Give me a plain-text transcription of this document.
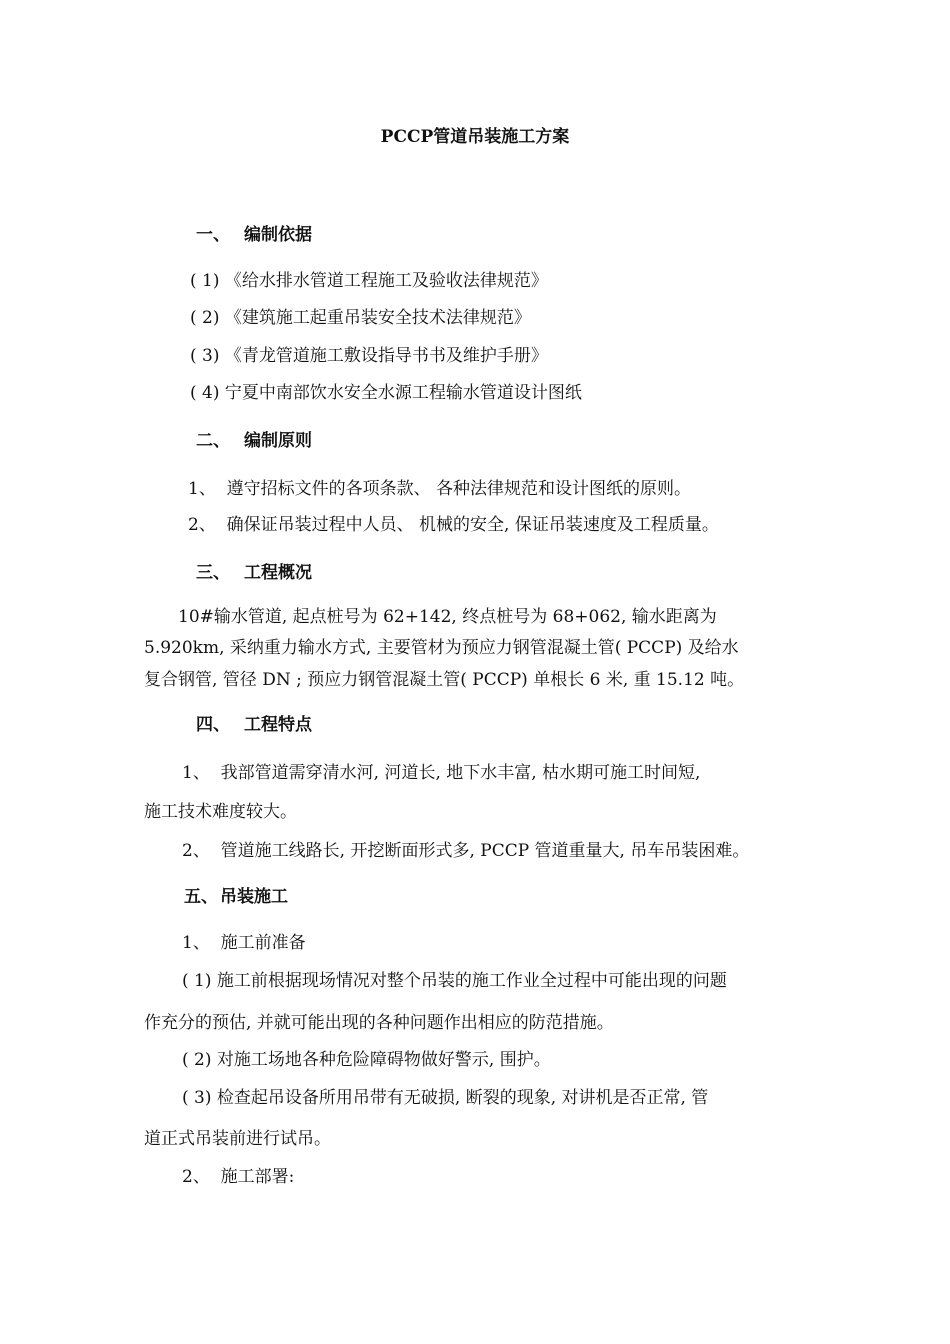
PCCP管道吊装施工方案
一、 编制依据
( 1) 《给水排水管道工程施工及验收法律规范》
( 2) 《建筑施工起重吊装安全技术法律规范》
( 3) 《青龙管道施工敷设指导书书及维护手册》
( 4) 宁夏中南部饮水安全水源工程输水管道设计图纸
二、 编制原则
1、 遵守招标文件的各项条款、 各种法律规范和设计图纸的原则。
2、 确保证吊装过程中人员、 机械的安全, 保证吊装速度及工程质量。
三、 工程概况
10#输水管道, 起点桩号为 62+142, 终点桩号为 68+062, 输水距离为
5.920km, 采纳重力输水方式, 主要管材为预应力钢管混凝土管( PCCP) 及给水
复合钢管, 管径 DN ; 预应力钢管混凝土管( PCCP) 单根长 6 米, 重 15.12 吨。
四、 工程特点
1、 我部管道需穿清水河, 河道长, 地下水丰富, 枯水期可施工时间短,
施工技术难度较大。
2、 管道施工线路长, 开挖断面形式多, PCCP 管道重量大, 吊车吊装困难。
五、 吊装施工
1、 施工前准备
( 1) 施工前根据现场情况对整个吊装的施工作业全过程中可能出现的问题
作充分的预估, 并就可能出现的各种问题作出相应的防范措施。
( 2) 对施工场地各种危险障碍物做好警示, 围护。
( 3) 检查起吊设备所用吊带有无破损, 断裂的现象, 对讲机是否正常, 管
道正式吊装前进行试吊。
2、 施工部署:
